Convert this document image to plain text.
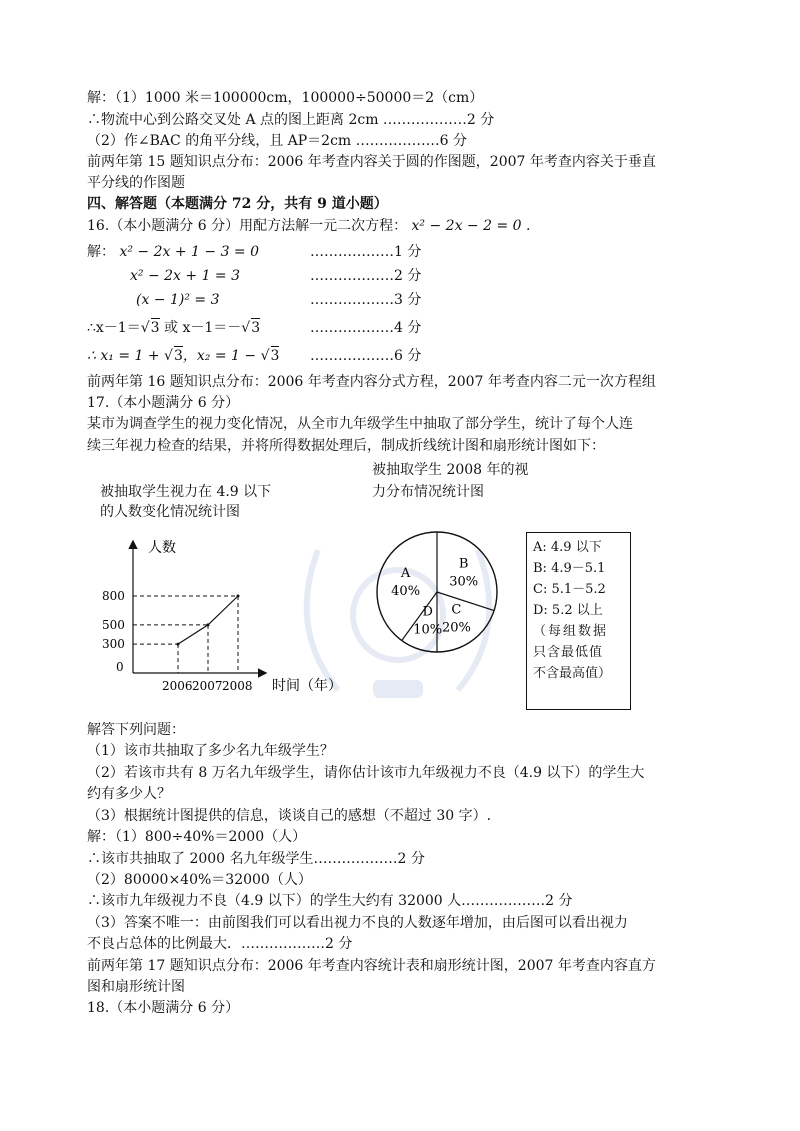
解：（1）1000 米＝100000cm，100000÷50000＝2（cm）
∴物流中心到公路交叉处 A 点的图上距离 2cm ………………2 分
（2）作∠BAC 的角平分线，且 AP＝2cm ………………6 分
前两年第 15 题知识点分布：2006 年考查内容关于圆的作图题，2007 年考查内容关于垂直
平分线的作图题
四、解答题（本题满分 72 分，共有 9 道小题）
16.（本小题满分 6 分）用配方法解一元二次方程： x² − 2x − 2 = 0 .
解： x² − 2x + 1 − 3 = 0	………………1 分
x² − 2x + 1 = 3	………………2 分
(x − 1)² = 3	………………3 分
∴x－1＝√3 或 x－1＝－√3	………………4 分
∴ x₁ = 1 + √3，x₂ = 1 − √3 ………………6 分
前两年第 16 题知识点分布：2006 年考查内容分式方程，2007 年考查内容二元一次方程组
17.（本小题满分 6 分）
某市为调查学生的视力变化情况，从全市九年级学生中抽取了部分学生，统计了每个人连
续三年视力检查的结果，并将所得数据处理后，制成折线统计图和扇形统计图如下：
被抽取学生视力在 4.9 以下
的人数变化情况统计图
人数
时间（年）
0
800
500
300
2006 2007 2008
被抽取学生 2008 年的视
力分布情况统计图
A
40%
B
30%
C
20%
D
10%
A: 4.9 以下
B: 4.9－5.1
C: 5.1－5.2
D: 5.2 以上
（每组数据
只含最低值
不含最高值）
解答下列问题：
（1）该市共抽取了多少名九年级学生？
（2）若该市共有 8 万名九年级学生，请你估计该市九年级视力不良（4.9 以下）的学生大
约有多少人？
（3）根据统计图提供的信息，谈谈自己的感想（不超过 30 字）.
解：（1）800÷40%＝2000（人）
∴该市共抽取了 2000 名九年级学生………………2 分
（2）80000×40%＝32000（人）
∴该市九年级视力不良（4.9 以下）的学生大约有 32000 人………………2 分
（3）答案不唯一：由前图我们可以看出视力不良的人数逐年增加，由后图可以看出视力
不良占总体的比例最大．………………2 分
前两年第 17 题知识点分布：2006 年考查内容统计表和扇形统计图，2007 年考查内容直方
图和扇形统计图
18.（本小题满分 6 分）
